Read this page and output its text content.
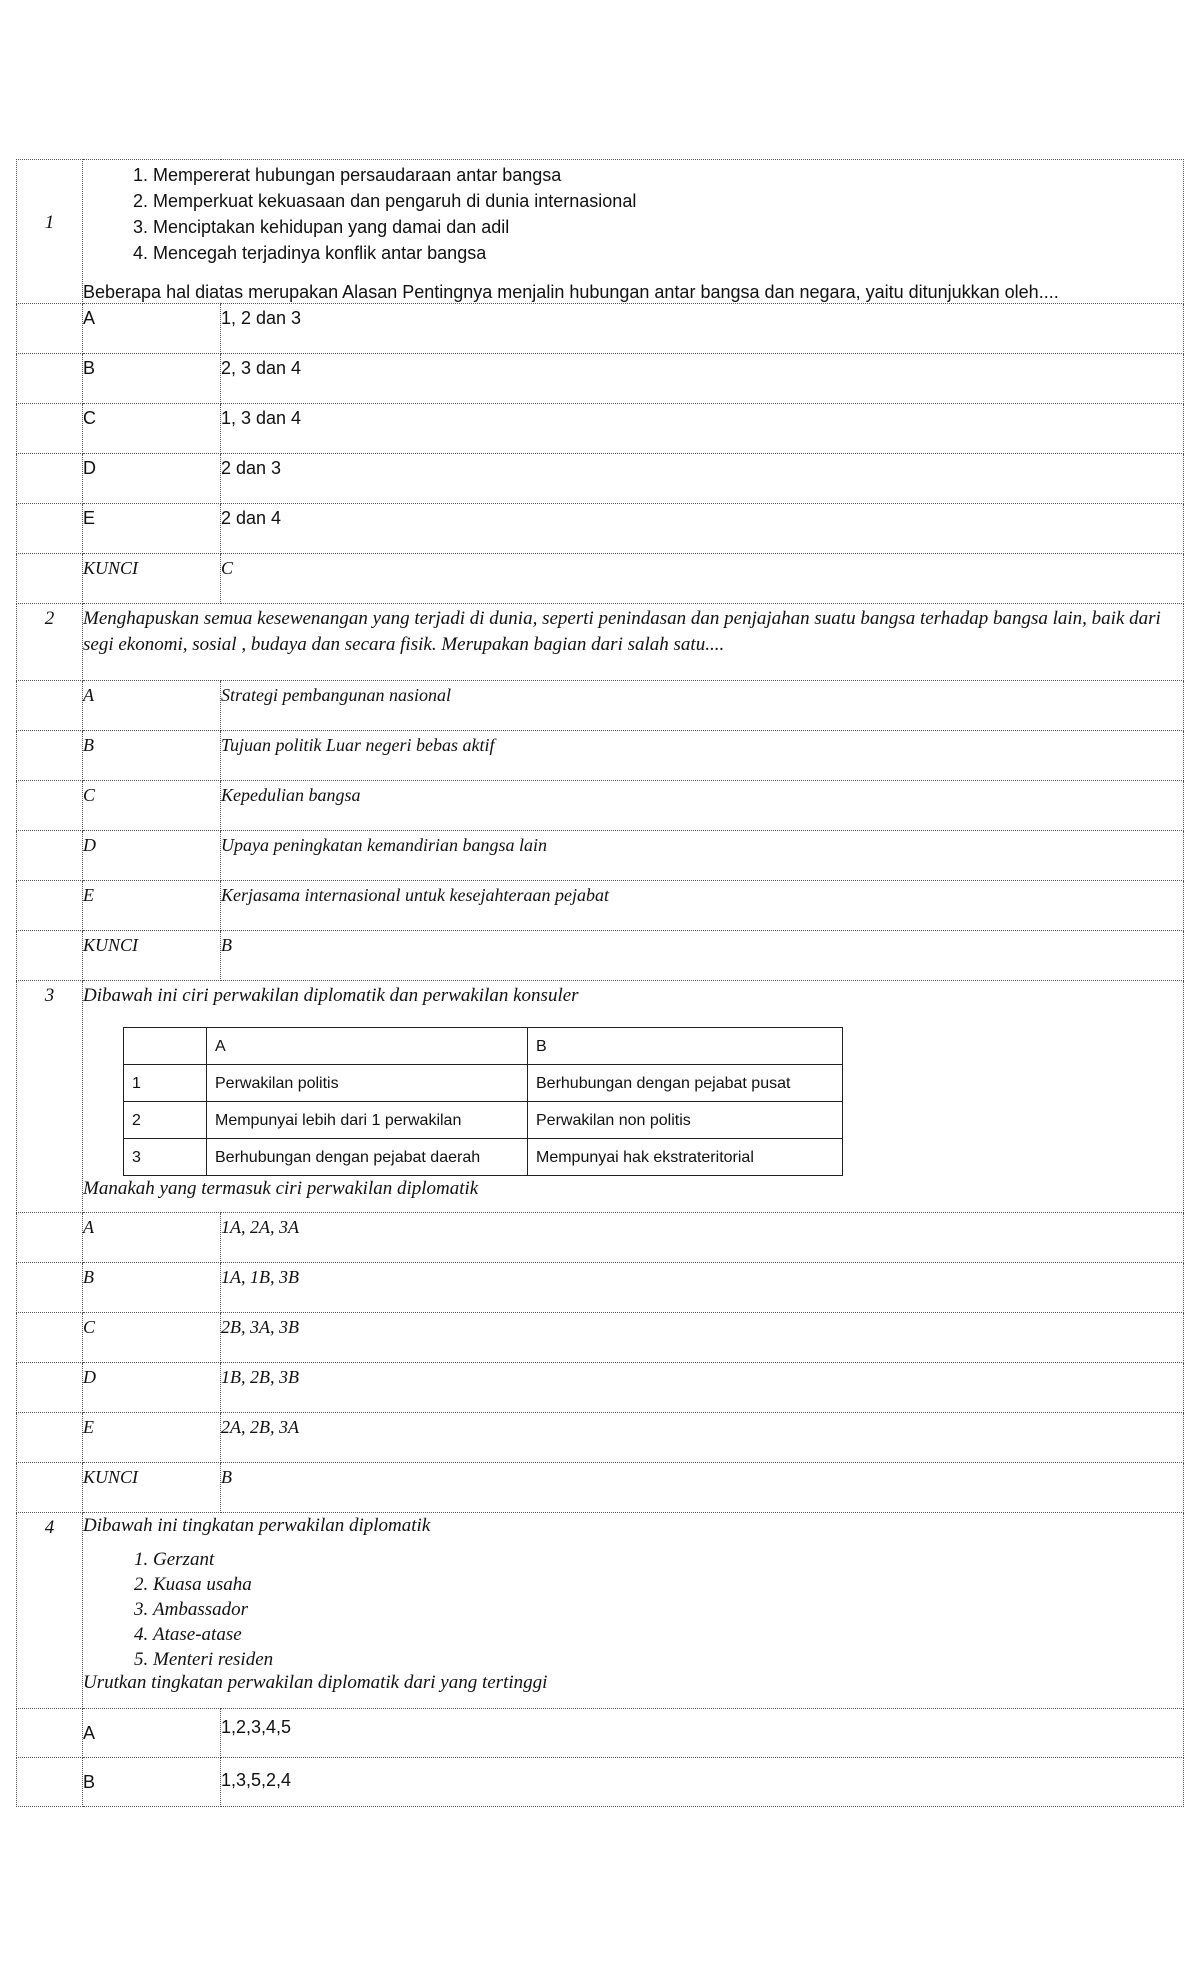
1	
1. Mempererat hubungan persaudaraan antar bangsa
2. Memperkuat kekuasaan dan pengaruh di dunia internasional
3. Menciptakan kehidupan yang damai dan adil
4. Mencegah terjadinya konflik antar bangsa
Beberapa hal diatas merupakan Alasan Pentingnya menjalin hubungan antar bangsa dan negara, yaitu ditunjukkan oleh....

	A	1, 2 dan 3
	B	2, 3 dan 4
	C	1, 3 dan 4
	D	2 dan 3
	E	2 dan 4
	KUNCI	C
2	Menghapuskan semua kesewenangan yang terjadi di dunia, seperti penindasan dan penjajahan suatu bangsa terhadap bangsa lain, baik dari segi ekonomi, sosial , budaya dan secara fisik. Merupakan bagian dari salah satu....

	A	Strategi pembangunan nasional
	B	Tujuan politik Luar negeri bebas aktif
	C	Kepedulian bangsa
	D	Upaya peningkatan kemandirian bangsa lain
	E	Kerjasama internasional untuk kesejahteraan pejabat
	KUNCI	B
3	Dibawah ini ciri perwakilan diplomatik dan perwakilan konsuler
	A	B
1	Perwakilan politis	Berhubungan dengan pejabat pusat
2	Mempunyai lebih dari 1 perwakilan	Perwakilan non politis
3	Berhubungan dengan pejabat daerah	Mempunyai hak ekstrateritorial
Manakah yang termasuk ciri perwakilan diplomatik

	A	1A, 2A, 3A
	B	1A, 1B, 3B
	C	2B, 3A, 3B
	D	1B, 2B, 3B
	E	2A, 2B, 3A
	KUNCI	B
4	Dibawah ini tingkatan perwakilan diplomatik
1. Gerzant
2. Kuasa usaha
3. Ambassador
4. Atase-atase
5. Menteri residen
Urutkan tingkatan perwakilan diplomatik dari yang tertinggi

	A	1,2,3,4,5
	B	1,3,5,2,4
